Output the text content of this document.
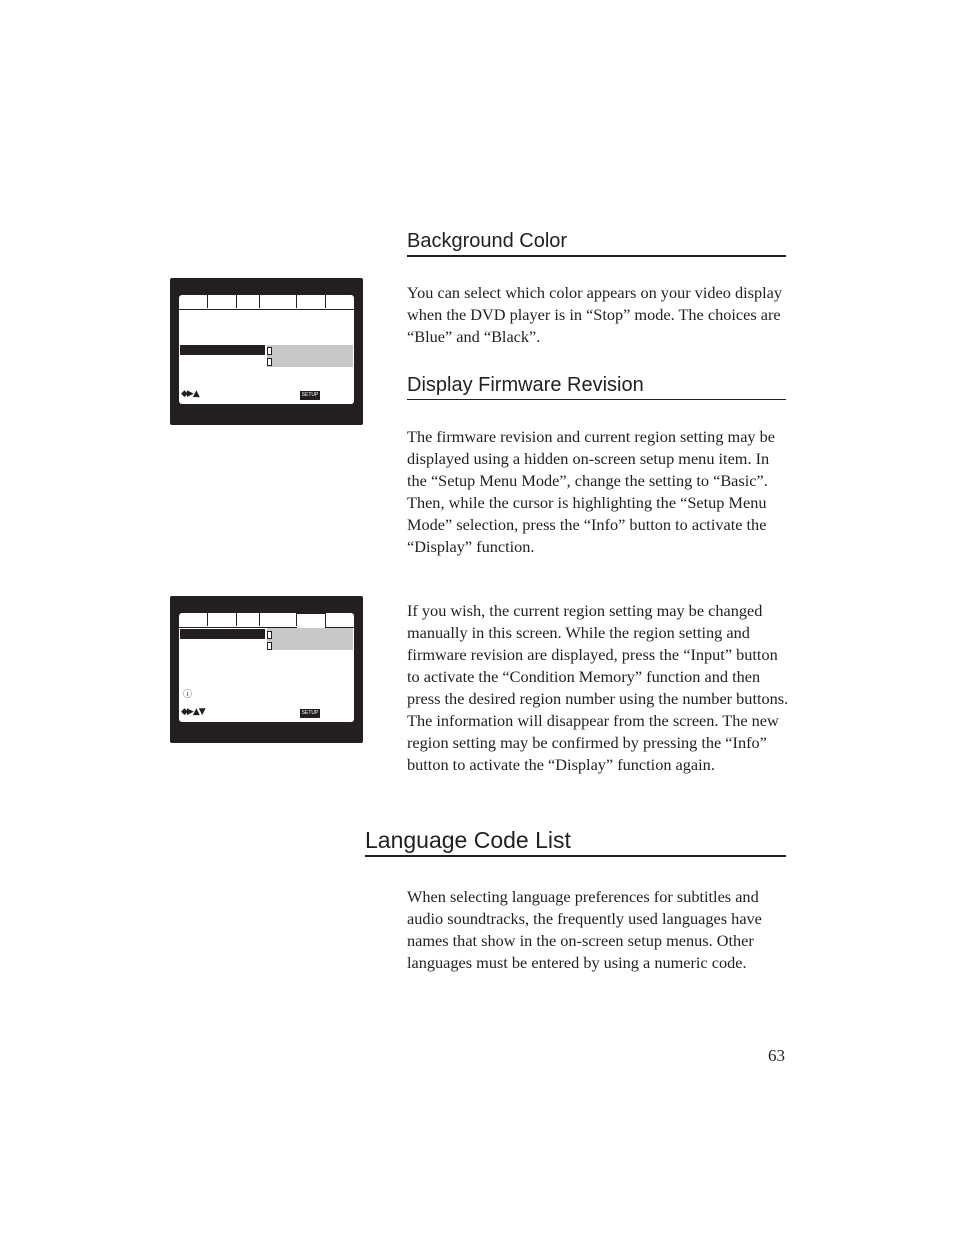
◆▶▲	SETUP
ⓘ
◆▶▲▼	SETUP
Background Color

You can select which color appears on your video display when the DVD player is in “Stop” mode. The choices are “Blue” and “Black”.

Display Firmware Revision

The firmware revision and current region setting may be displayed using a hidden on-screen setup menu item. In the “Setup Menu Mode”, change the setting to “Basic”. Then, while the cursor is highlighting the “Setup Menu Mode” selection, press the “Info” button to activate the “Display” function.

If you wish, the current region setting may be changed manually in this screen. While the region setting and firmware revision are displayed, press the “Input” button to activate the “Condition Memory” function and then press the desired region number using the number buttons. The information will disappear from the screen. The new region setting may be confirmed by pressing the “Info” button to activate the “Display” function again.

Language Code List

When selecting language preferences for subtitles and audio soundtracks, the frequently used languages have names that show in the on-screen setup menus. Other languages must be entered by using a numeric code.

63
